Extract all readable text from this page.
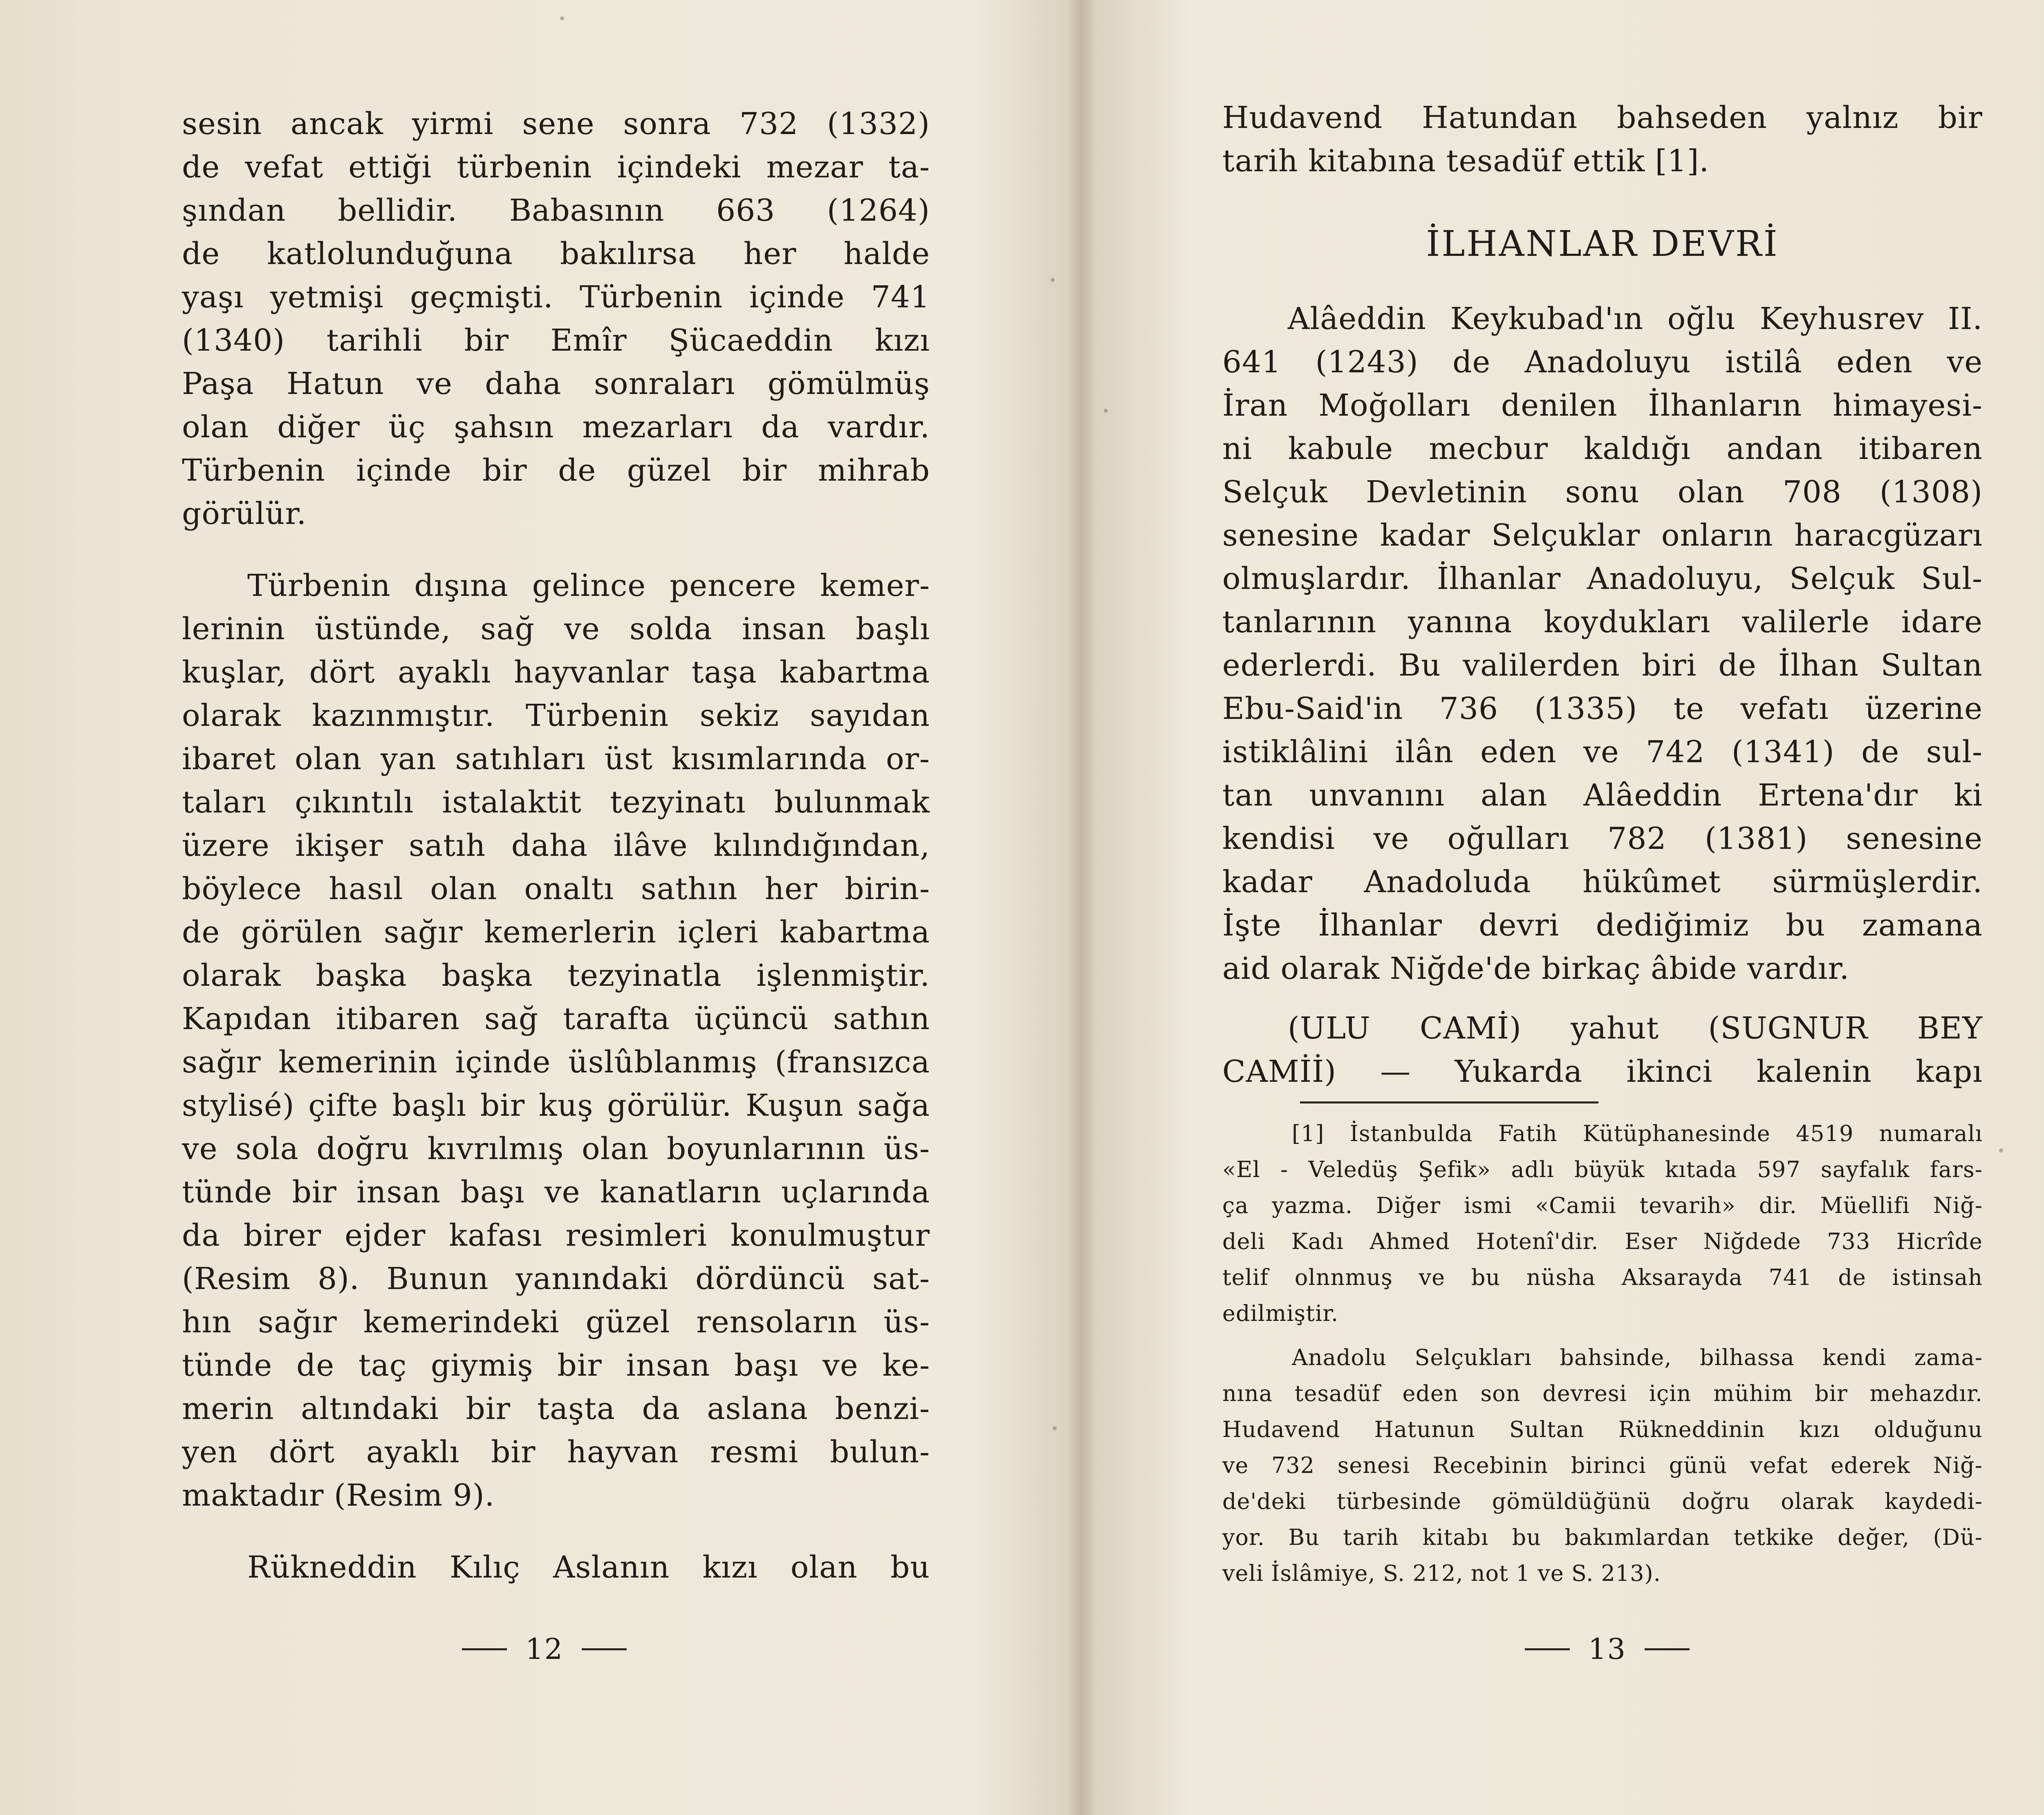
sesin ancak yirmi sene sonra 732 (1332)
de vefat ettiği türbenin içindeki mezar ta-
şından bellidir. Babasının 663 (1264)
de katlolunduğuna bakılırsa her halde
yaşı yetmişi geçmişti. Türbenin içinde 741
(1340) tarihli bir Emîr Şücaeddin kızı
Paşa Hatun ve daha sonraları gömülmüş
olan diğer üç şahsın mezarları da vardır.
Türbenin içinde bir de güzel bir mihrab
görülür.
Türbenin dışına gelince pencere kemer-
lerinin üstünde, sağ ve solda insan başlı
kuşlar, dört ayaklı hayvanlar taşa kabartma
olarak kazınmıştır. Türbenin sekiz sayıdan
ibaret olan yan satıhları üst kısımlarında or-
taları çıkıntılı istalaktit tezyinatı bulunmak
üzere ikişer satıh daha ilâve kılındığından,
böylece hasıl olan onaltı sathın her birin-
de görülen sağır kemerlerin içleri kabartma
olarak başka başka tezyinatla işlenmiştir.
Kapıdan itibaren sağ tarafta üçüncü sathın
sağır kemerinin içinde üslûblanmış (fransızca
stylisé) çifte başlı bir kuş görülür. Kuşun sağa
ve sola doğru kıvrılmış olan boyunlarının üs-
tünde bir insan başı ve kanatların uçlarında
da birer ejder kafası resimleri konulmuştur
(Resim 8). Bunun yanındaki dördüncü sat-
hın sağır kemerindeki güzel rensoların üs-
tünde de taç giymiş bir insan başı ve ke-
merin altındaki bir taşta da aslana benzi-
yen dört ayaklı bir hayvan resmi bulun-
maktadır (Resim 9).
Rükneddin Kılıç Aslanın kızı olan bu
12
Hudavend Hatundan bahseden yalnız bir
tarih kitabına tesadüf ettik [1].
İLHANLAR DEVRİ
Alâeddin Keykubad'ın oğlu Keyhusrev II.
641 (1243) de Anadoluyu istilâ eden ve
İran Moğolları denilen İlhanların himayesi-
ni kabule mecbur kaldığı andan itibaren
Selçuk Devletinin sonu olan 708 (1308)
senesine kadar Selçuklar onların haracgüzarı
olmuşlardır. İlhanlar Anadoluyu, Selçuk Sul-
tanlarının yanına koydukları valilerle idare
ederlerdi. Bu valilerden biri de İlhan Sultan
Ebu-Said'in 736 (1335) te vefatı üzerine
istiklâlini ilân eden ve 742 (1341) de sul-
tan unvanını alan Alâeddin Ertena'dır ki
kendisi ve oğulları 782 (1381) senesine
kadar Anadoluda hükûmet sürmüşlerdir.
İşte İlhanlar devri dediğimiz bu zamana
aid olarak Niğde'de birkaç âbide vardır.
(ULU CAMİ) yahut (SUGNUR BEY
CAMİİ) — Yukarda ikinci kalenin kapı
[1] İstanbulda Fatih Kütüphanesinde 4519 numaralı
«El - Veledüş Şefik» adlı büyük kıtada 597 sayfalık fars-
ça yazma. Diğer ismi «Camii tevarih» dir. Müellifi Niğ-
deli Kadı Ahmed Hotenî'dir. Eser Niğdede 733 Hicrîde
telif olnnmuş ve bu nüsha Aksarayda 741 de istinsah
edilmiştir.
Anadolu Selçukları bahsinde, bilhassa kendi zama-
nına tesadüf eden son devresi için mühim bir mehazdır.
Hudavend Hatunun Sultan Rükneddinin kızı olduğunu
ve 732 senesi Recebinin birinci günü vefat ederek Niğ-
de'deki türbesinde gömüldüğünü doğru olarak kaydedi-
yor. Bu tarih kitabı bu bakımlardan tetkike değer, (Dü-
veli İslâmiye, S. 212, not 1 ve S. 213).
13
